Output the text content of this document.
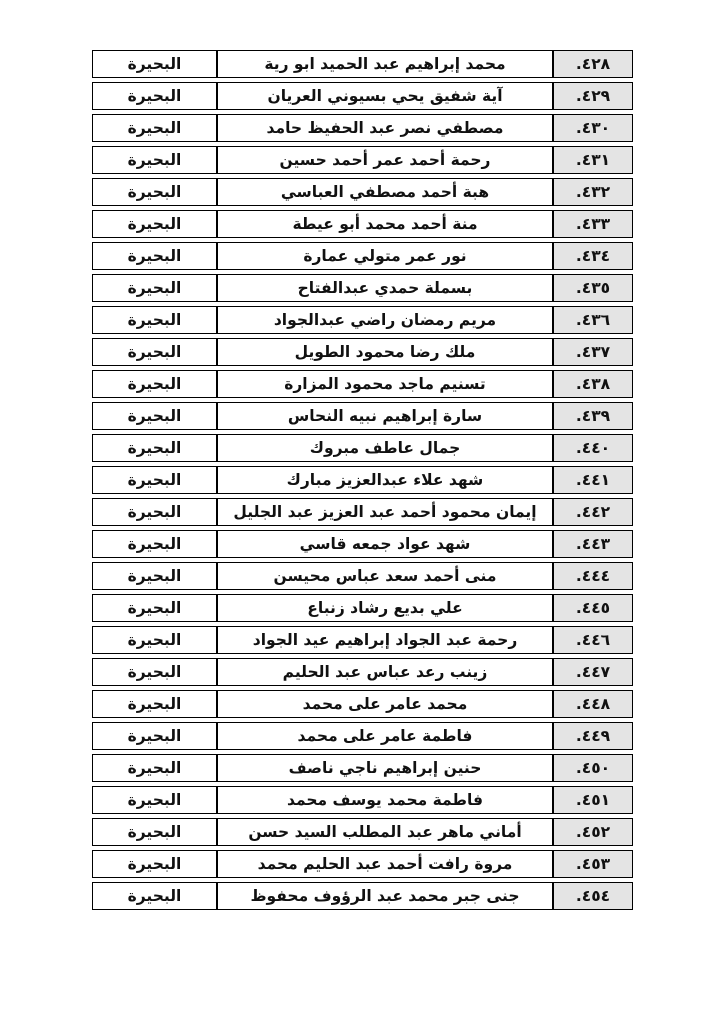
٤٢٨.	محمد إبراهيم عبد الحميد ابو رية	البحيرة
٤٢٩.	آية شفيق يحي بسيوني العريان	البحيرة
٤٣٠.	مصطفي نصر عبد الحفيظ حامد	البحيرة
٤٣١.	رحمة أحمد عمر أحمد حسين	البحيرة
٤٣٢.	هبة أحمد مصطفي العباسي	البحيرة
٤٣٣.	منة أحمد محمد أبو عيطة	البحيرة
٤٣٤.	نور عمر متولي عمارة	البحيرة
٤٣٥.	بسملة حمدي عبدالفتاح	البحيرة
٤٣٦.	مريم رمضان راضي عبدالجواد	البحيرة
٤٣٧.	ملك رضا محمود الطويل	البحيرة
٤٣٨.	تسنيم ماجد محمود المزارة	البحيرة
٤٣٩.	سارة إبراهيم نبيه النحاس	البحيرة
٤٤٠.	جمال عاطف مبروك	البحيرة
٤٤١.	شهد علاء عبدالعزيز مبارك	البحيرة
٤٤٢.	إيمان محمود أحمد عبد العزيز عبد الجليل	البحيرة
٤٤٣.	شهد عواد جمعه قاسي	البحيرة
٤٤٤.	منى أحمد سعد عباس محيسن	البحيرة
٤٤٥.	علي بديع رشاد زنباع	البحيرة
٤٤٦.	رحمة عبد الجواد إبراهيم عيد الجواد	البحيرة
٤٤٧.	زينب رعد عباس عبد الحليم	البحيرة
٤٤٨.	محمد عامر على محمد	البحيرة
٤٤٩.	فاطمة عامر على محمد	البحيرة
٤٥٠.	حنين إبراهيم ناجي ناصف	البحيرة
٤٥١.	فاطمة محمد يوسف محمد	البحيرة
٤٥٢.	أماني ماهر عبد المطلب السيد حسن	البحيرة
٤٥٣.	مروة رافت أحمد عبد الحليم محمد	البحيرة
٤٥٤.	جنى جبر محمد عبد الرؤوف محفوظ	البحيرة
